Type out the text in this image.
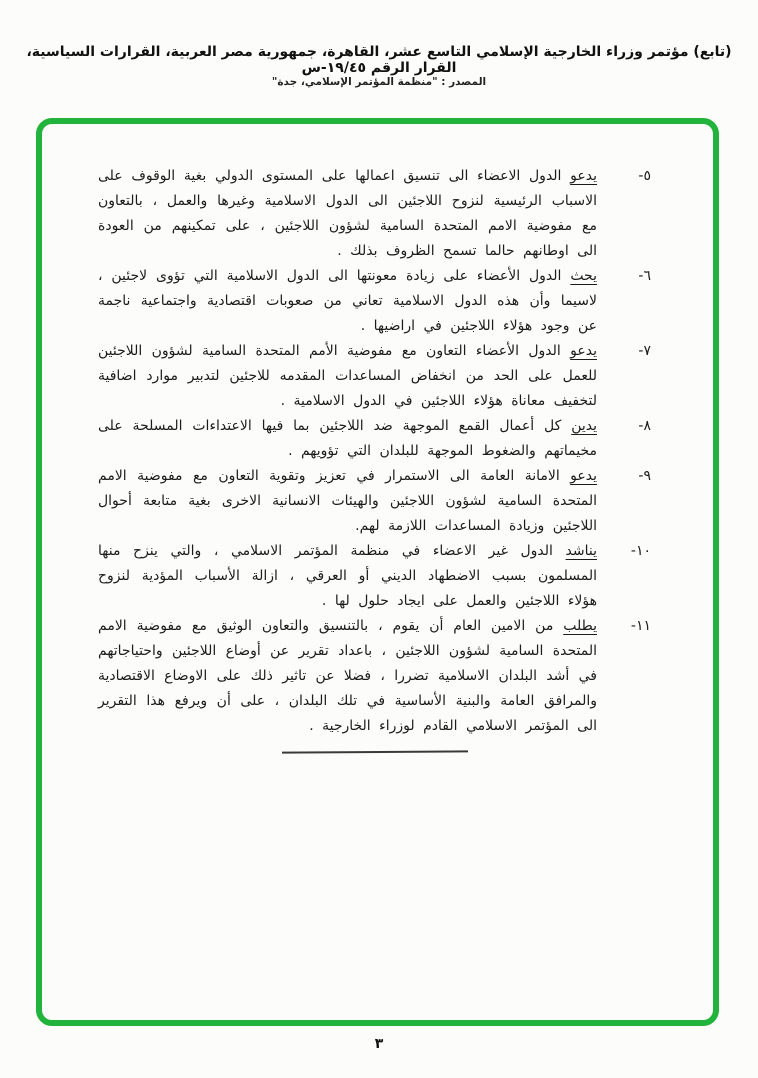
(تابع) مؤتمر وزراء الخارجية الإسلامي التاسع عشر، القاهرة، جمهورية مصر العربية، القرارات السياسية، القرار الرقم ١٩/٤٥-س
المصدر : "منظمة المؤتمر الإسلامي، جدة"
٥-

يدعو الدول الاعضاء الى تنسيق اعمالها على المستوى الدولي بغية الوقوف على الاسباب الرئيسية لنزوح اللاجئين الى الدول الاسلامية وغيرها والعمل ، بالتعاون مع مفوضية الامم المتحدة السامية لشؤون اللاجئين ، على تمكينهم من العودة الى اوطانهم حالما تسمح الظروف بذلك .

٦-

يحث الدول الأعضاء على زيادة معونتها الى الدول الاسلامية التي تؤوى لاجئين ، لاسيما وأن هذه الدول الاسلامية تعاني من صعوبات اقتصادية واجتماعية ناجمة عن وجود هؤلاء اللاجئين في اراضيها .

٧-

يدعو الدول الأعضاء التعاون مع مفوضية الأمم المتحدة السامية لشؤون اللاجئين للعمل على الحد من انخفاض المساعدات المقدمه للاجئين لتدبير موارد اضافية لتخفيف معاناة هؤلاء اللاجئين في الدول الاسلامية .

٨-

يدين كل أعمال القمع الموجهة ضد اللاجئين بما فيها الاعتداءات المسلحة على مخيماتهم والضغوط الموجهة للبلدان التي تؤويهم .

٩-

يدعو الامانة العامة الى الاستمرار في تعزيز وتقوية التعاون مع مفوضية الامم المتحدة السامية لشؤون اللاجئين والهيئات الانسانية الاخرى بغية متابعة أحوال اللاجئين وزيادة المساعدات اللازمة لهم.

١٠-

يناشد الدول غير الاعضاء في منظمة المؤتمر الاسلامي ، والتي ينزح منها المسلمون بسبب الاضطهاد الديني أو العرقي ، ازالة الأسباب المؤدية لنزوح هؤلاء اللاجئين والعمل على ايجاد حلول لها .

١١-

يطلب من الامين العام أن يقوم ، بالتنسيق والتعاون الوثيق مع مفوضية الامم المتحدة السامية لشؤون اللاجئين ، باعداد تقرير عن أوضاع اللاجئين واحتياجاتهم في أشد البلدان الاسلامية تضررا ، فضلا عن تاثير ذلك على الاوضاع الاقتصادية والمرافق العامة والبنية الأساسية في تلك البلدان ، على أن ويرفع هذا التقرير الى المؤتمر الاسلامي القادم لوزراء الخارجية .

٣
